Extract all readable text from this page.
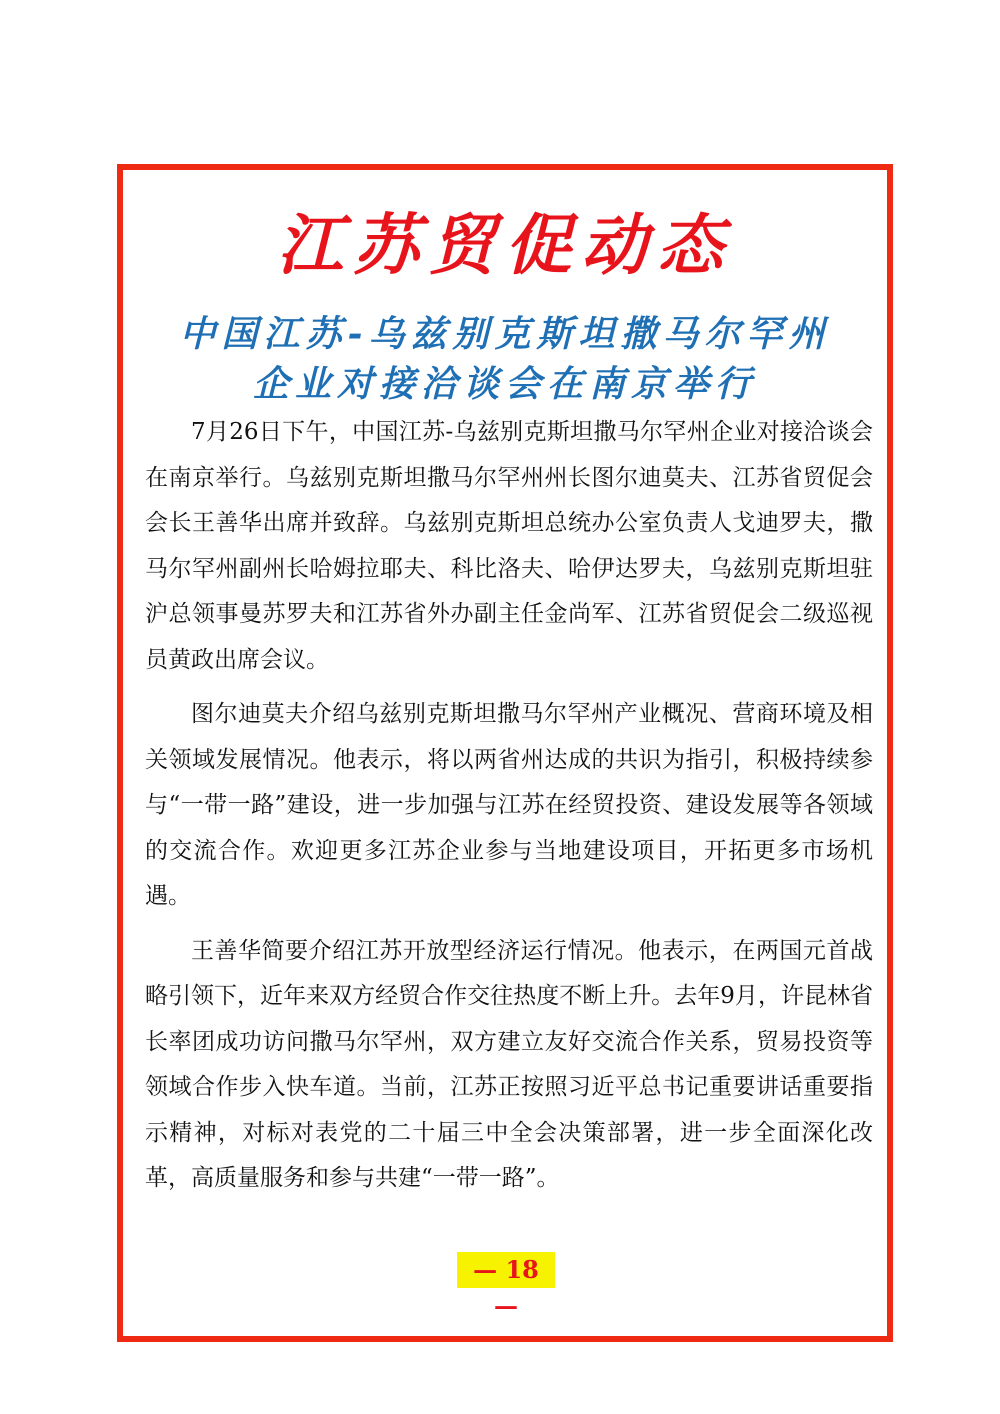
江苏贸促动态
中国江苏-乌兹别克斯坦撒马尔罕州
企业对接洽谈会在南京举行

7月26日下午，中国江苏-乌兹别克斯坦撒马尔罕州企业对接洽谈会在南京举行。乌兹别克斯坦撒马尔罕州州长图尔迪莫夫、江苏省贸促会会长王善华出席并致辞。乌兹别克斯坦总统办公室负责人戈迪罗夫，撒马尔罕州副州长哈姆拉耶夫、科比洛夫、哈伊达罗夫，乌兹别克斯坦驻沪总领事曼苏罗夫和江苏省外办副主任金尚军、江苏省贸促会二级巡视员黄政出席会议。

图尔迪莫夫介绍乌兹别克斯坦撒马尔罕州产业概况、营商环境及相关领域发展情况。他表示，将以两省州达成的共识为指引，积极持续参与“一带一路”建设，进一步加强与江苏在经贸投资、建设发展等各领域的交流合作。欢迎更多江苏企业参与当地建设项目，开拓更多市场机遇。

王善华简要介绍江苏开放型经济运行情况。他表示，在两国元首战略引领下，近年来双方经贸合作交往热度不断上升。去年9月，许昆林省长率团成功访问撒马尔罕州，双方建立友好交流合作关系，贸易投资等领域合作步入快车道。当前，江苏正按照习近平总书记重要讲话重要指示精神，对标对表党的二十届三中全会决策部署，进一步全面深化改革，高质量服务和参与共建“一带一路”。

— 18 —
